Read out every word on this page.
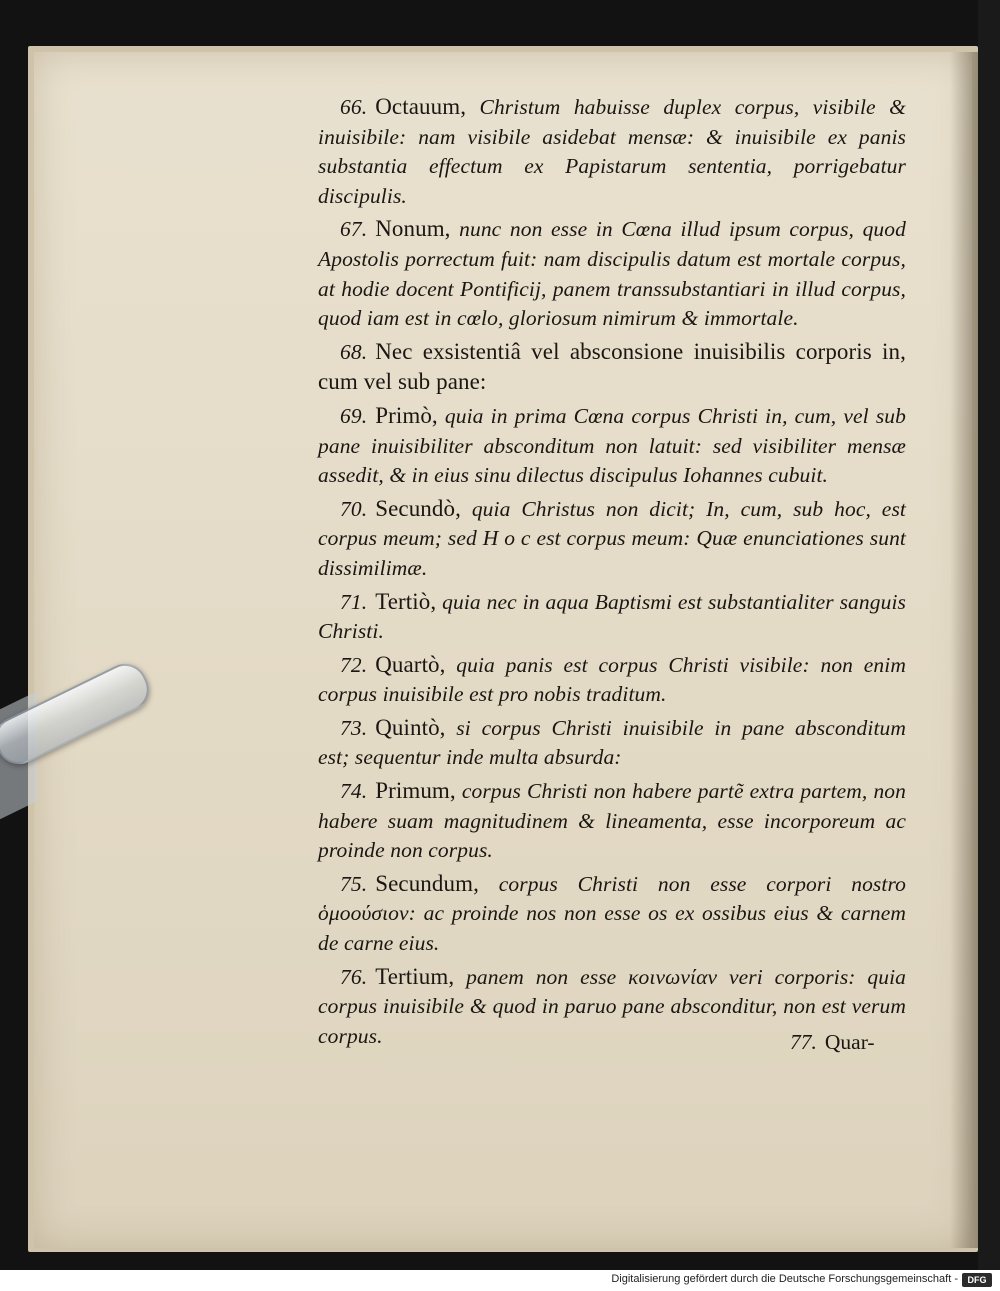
66. Octauum, Christum habuisse duplex corpus, visibile & inuisibile: nam visibile asidebat mensæ: & inuisibile ex panis substantia effectum ex Papistarum sententia, porrigebatur discipulis.

67. Nonum, nunc non esse in Cœna illud ipsum corpus, quod Apostolis porrectum fuit: nam discipulis datum est mortale corpus, at hodie docent Pontificij, panem transsubstantiari in illud corpus, quod iam est in cœlo, gloriosum nimirum & immortale.

68. Nec exsistentiâ vel absconsione inuisibilis corporis in, cum vel sub pane:

69. Primò, quia in prima Cœna corpus Christi in, cum, vel sub pane inuisibiliter absconditum non latuit: sed visibiliter mensæ assedit, & in eius sinu dilectus discipulus Iohannes cubuit.

70. Secundò, quia Christus non dicit; In, cum, sub hoc, est corpus meum; sed H o c est corpus meum: Quæ enunciationes sunt dissimilimæ.

71. Tertiò, quia nec in aqua Baptismi est substantialiter sanguis Christi.

72. Quartò, quia panis est corpus Christi visibile: non enim corpus inuisibile est pro nobis traditum.

73. Quintò, si corpus Christi inuisibile in pane absconditum est; sequentur inde multa absurda:

74. Primum, corpus Christi non habere partẽ extra partem, non habere suam magnitudinem & lineamenta, esse incorporeum ac proinde non corpus.

75. Secundum, corpus Christi non esse corpori nostro ὁμοούσιον: ac proinde nos non esse os ex ossibus eius & carnem de carne eius.

76. Tertium, panem non esse κοινωνίαν veri corporis: quia corpus inuisibile & quod in paruo pane absconditur, non est verum corpus.	77. Quar-
Digitalisierung gefördert durch die Deutsche Forschungsgemeinschaft -	DFG
